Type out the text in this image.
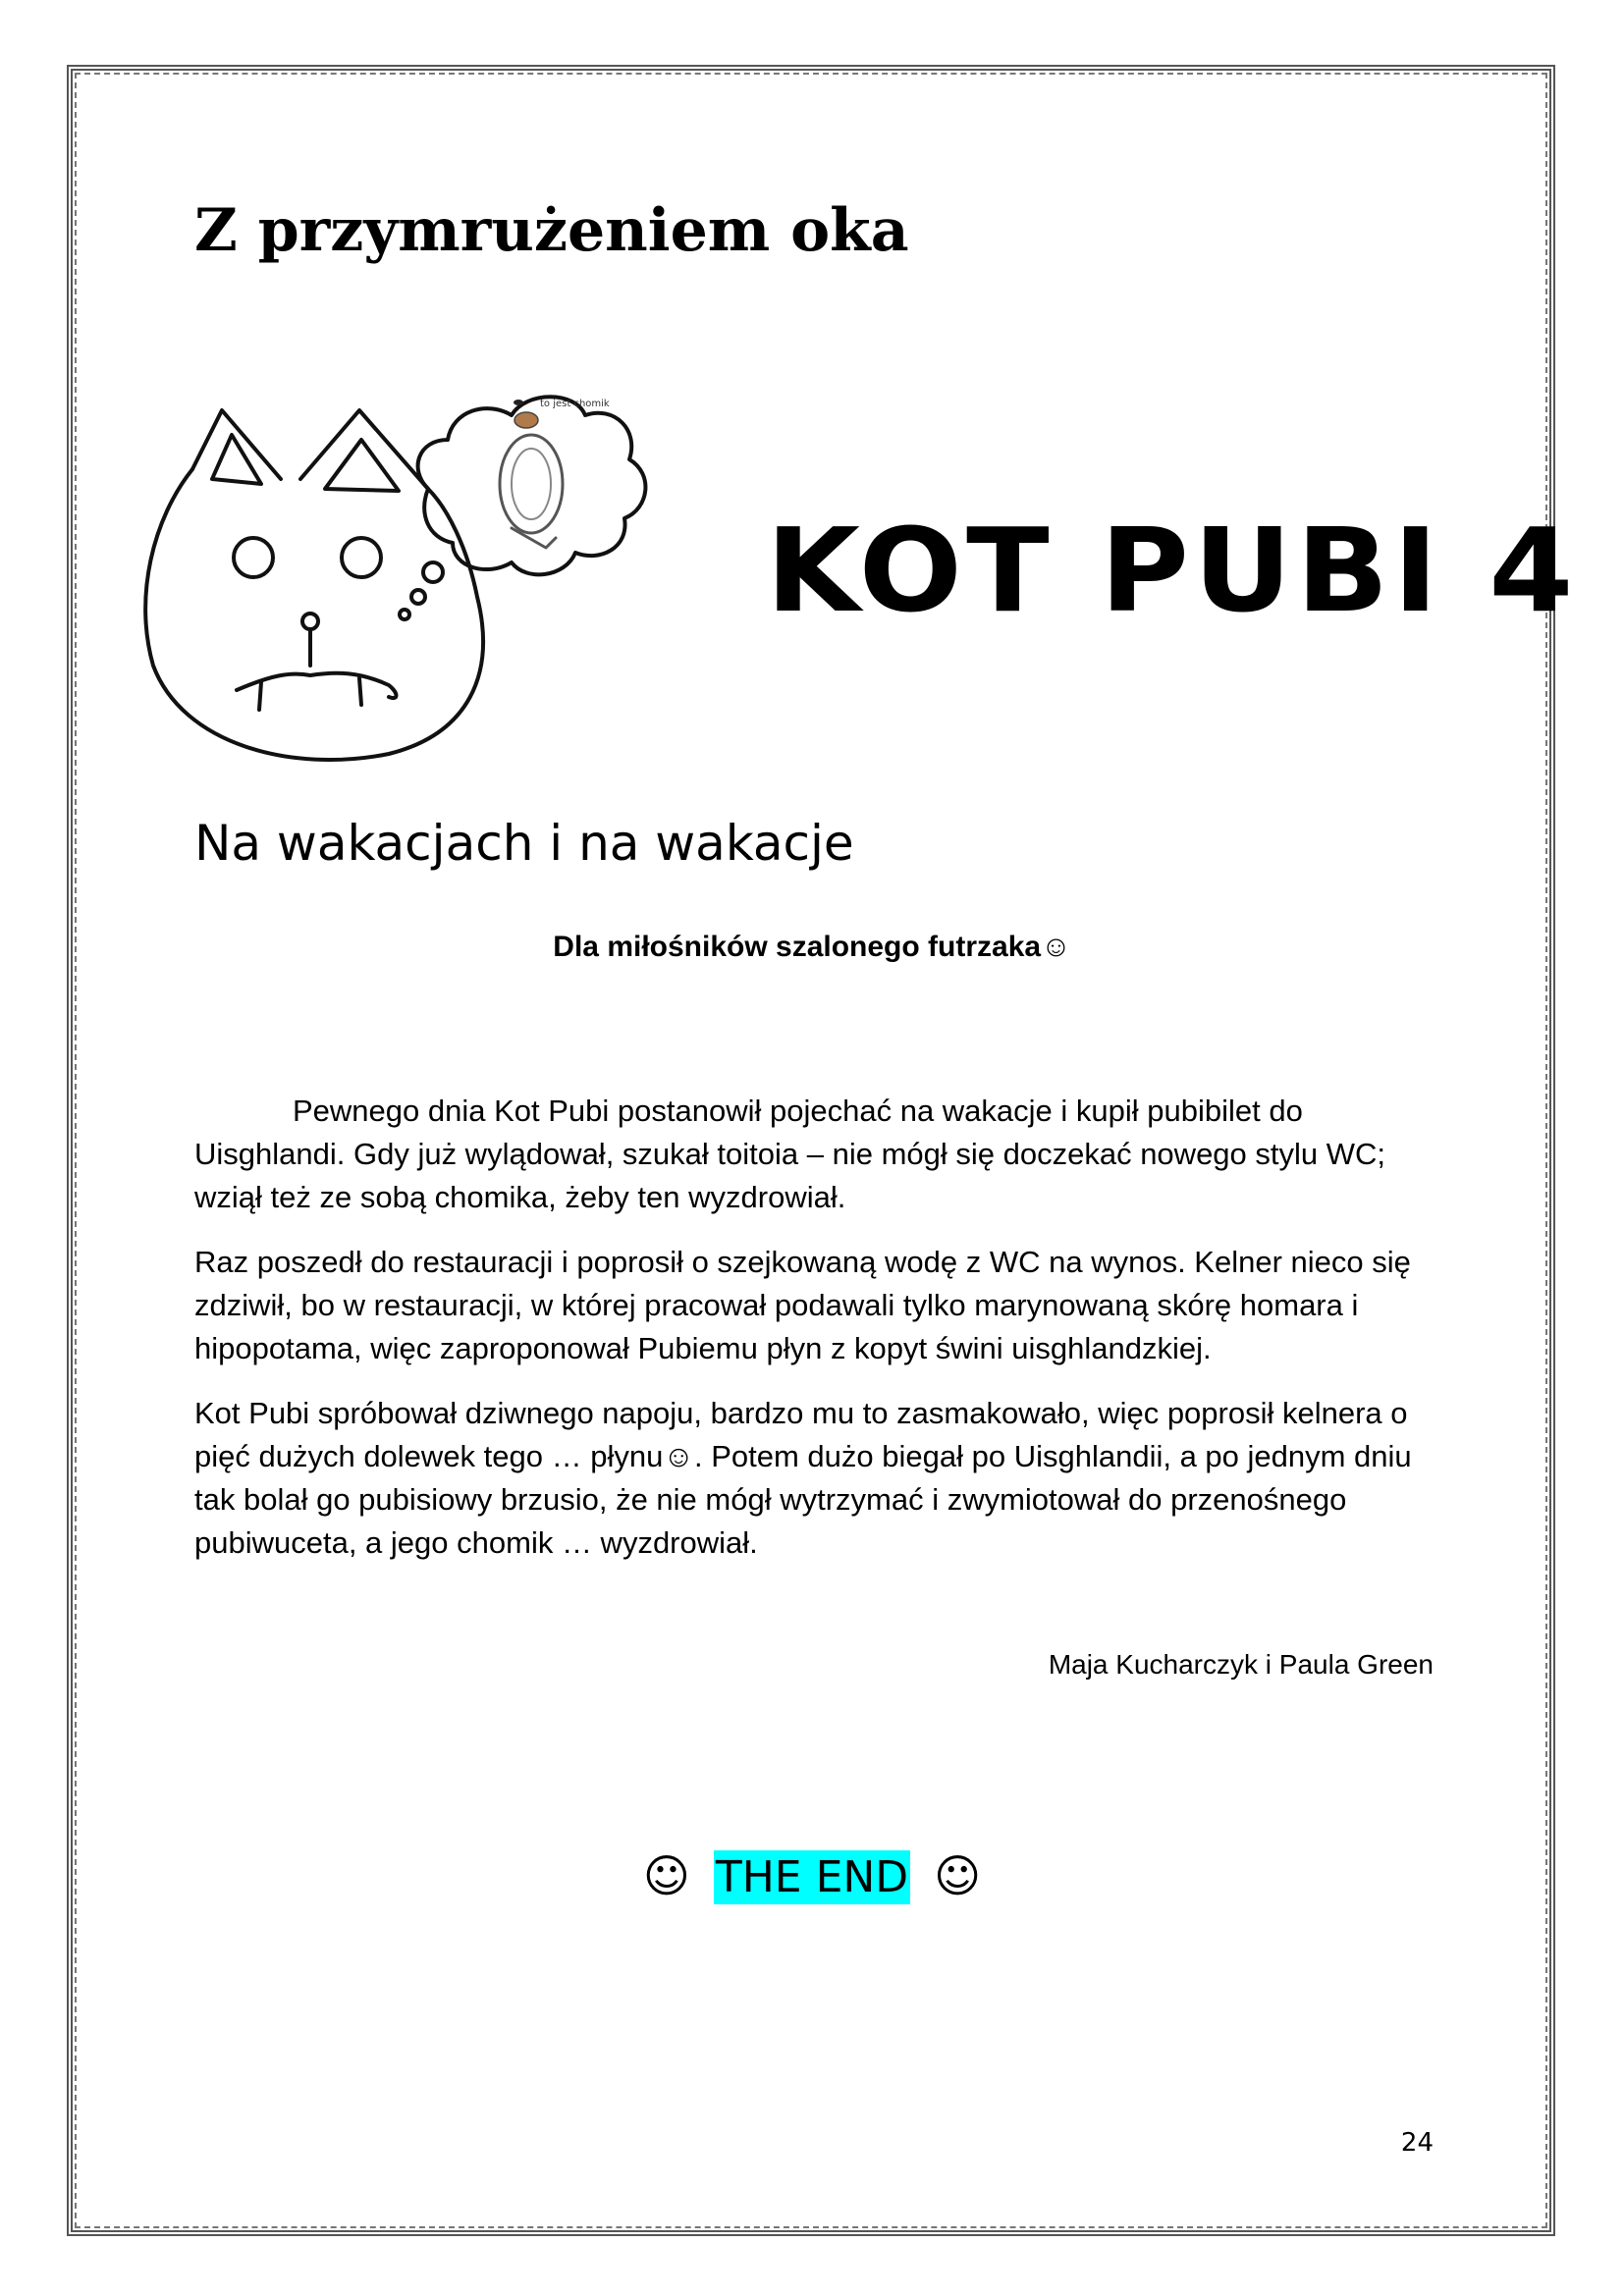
Z przymrużeniem oka
to jest chomik
KOT PUBI 4
Na wakacjach i na wakacje

Dla miłośników szalonego futrzaka☺

Pewnego dnia Kot Pubi postanowił pojechać na wakacje i kupił pubibilet do Uisghlandi. Gdy już wylądował, szukał toitoia – nie mógł się doczekać nowego stylu WC; wziął też ze sobą chomika, żeby ten wyzdrowiał.

Raz poszedł do restauracji i poprosił o szejkowaną wodę z WC na wynos. Kelner nieco się zdziwił, bo w restauracji, w której pracował podawali tylko marynowaną skórę homara i hipopotama, więc zaproponował Pubiemu płyn z kopyt świni uisghlandzkiej.

Kot Pubi spróbował dziwnego napoju, bardzo mu to zasmakowało, więc poprosił kelnera o pięć dużych dolewek tego … płynu☺. Potem dużo biegał po Uisghlandii, a po jednym dniu tak bolał go pubisiowy brzusio, że nie mógł wytrzymać i zwymiotował do przenośnego pubiwuceta, a jego chomik … wyzdrowiał.

Maja Kucharczyk i Paula Green

☺ THE END ☺

24
